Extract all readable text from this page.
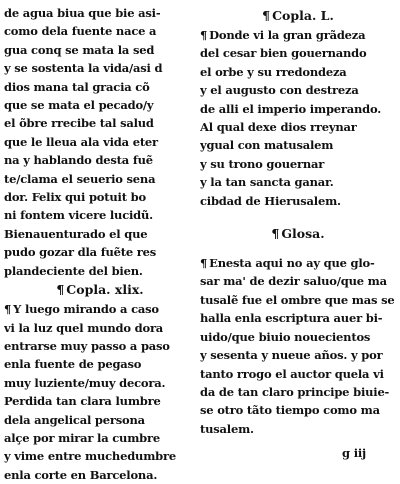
de agua biua que bie asi-
como dela fuente nace a
gua conq se mata la sed
y se sostenta la vida/asi d
dios mana tal gracia cõ
que se mata el pecado/y
el õbre rrecibe tal salud
que le lleua ala vida eter
na y hablando desta fuẽ
te/clama el seuerio sena
dor. Felix qui potuit bo
ni fontem vicere lucidũ.
Bienauenturado el que
pudo gozar dla fuẽte res
plandeciente del bien.
¶ Copla. xlix.
¶ Y luego mirando a caso
vi la luz quel mundo dora
entrarse muy passo a paso
enla fuente de pegaso
muy luziente/muy decora.
Perdida tan clara lumbre
dela angelical persona
alçe por mirar la cumbre
y vime entre muchedumbre
enla corte en Barcelona.
¶ Copla. L.
¶ Donde vi la gran grãdeza
del cesar bien gouernando
el orbe y su rredondeza
y el augusto con destreza
de alli el imperio imperando.
Al qual dexe dios rreynar
ygual con matusalem
y su trono gouernar
y la tan sancta ganar.
cibdad de Hierusalem.
¶ Glosa.
¶ Enesta aqui no ay que glo-
sar ma' de dezir saluo/que ma
tusalẽ fue el ombre que mas se
halla enla escriptura auer bi-
uido/que biuio nouecientos
y sesenta y nueue años. y por
tanto rrogo el auctor quela vi
da de tan claro principe biuie-
se otro tãto tiempo como ma
tusalem.
g iij
